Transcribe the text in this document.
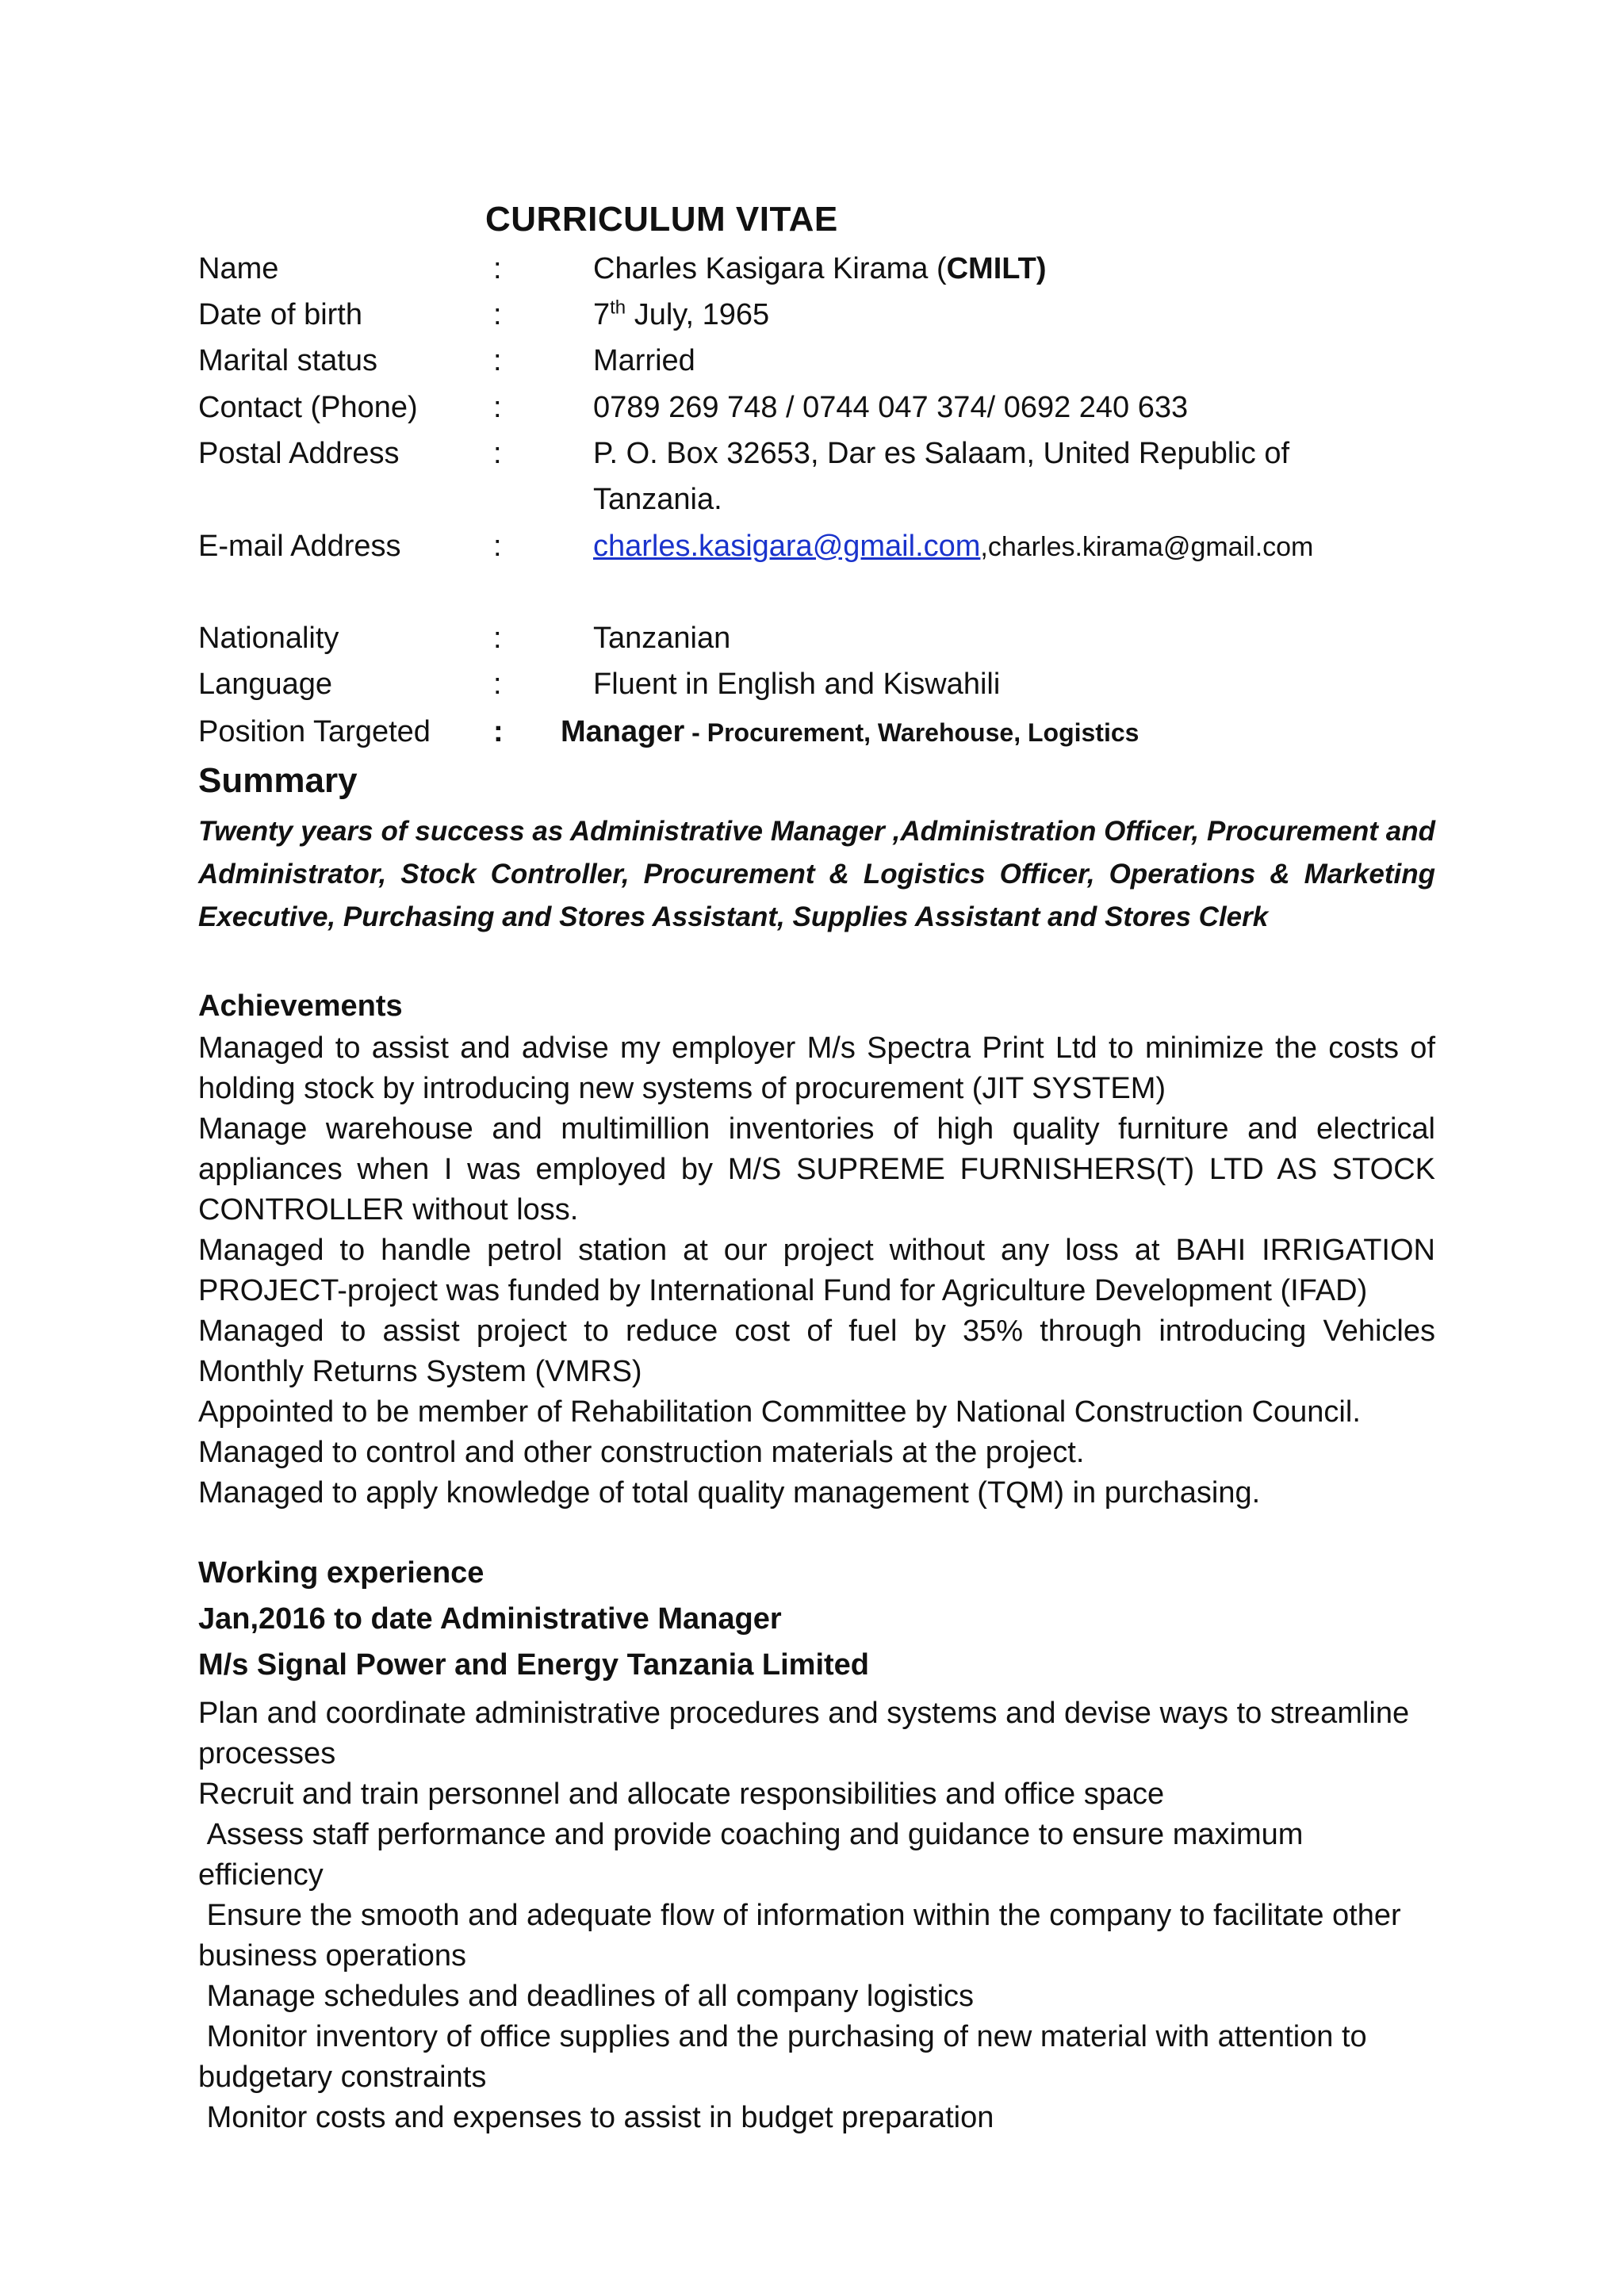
CURRICULUM VITAE
Name	:	Charles Kasigara Kirama (CMILT)
Date of birth	:	7th July, 1965
Marital status	:	Married
Contact (Phone)	:	0789 269 748 / 0744 047 374/ 0692 240 633
Postal Address	:	P. O. Box 32653, Dar es Salaam, United Republic of
Tanzania.
E-mail Address	:	charles.kasigara@gmail.com,charles.kirama@gmail.com
Nationality	:	Tanzanian
Language	:	Fluent in English and Kiswahili
Position Targeted : Manager - Procurement, Warehouse, Logistics
Summary
Twenty years of success as Administrative Manager ,Administration Officer, Procurement and Administrator, Stock Controller, Procurement & Logistics Officer, Operations & Marketing Executive, Purchasing and Stores Assistant, Supplies Assistant and Stores Clerk
Achievements
Managed to assist and advise my employer M/s Spectra Print Ltd to minimize the costs of holding stock by introducing new systems of procurement (JIT SYSTEM)
Manage warehouse and multimillion inventories of high quality furniture and electrical appliances when I was employed by M/S SUPREME FURNISHERS(T) LTD AS STOCK CONTROLLER without loss.
Managed to handle petrol station at our project without any loss at BAHI IRRIGATION PROJECT-project was funded by International Fund for Agriculture Development (IFAD)
Managed to assist project to reduce cost of fuel by 35% through introducing Vehicles Monthly Returns System (VMRS)
Appointed to be member of Rehabilitation Committee by National Construction Council.
Managed to control and other construction materials at the project.
Managed to apply knowledge of total quality management (TQM) in purchasing.
Working experience
Jan,2016 to date Administrative Manager
M/s Signal Power and Energy Tanzania Limited
Plan and coordinate administrative procedures and systems and devise ways to streamline processes
Recruit and train personnel and allocate responsibilities and office space
Assess staff performance and provide coaching and guidance to ensure maximum efficiency
Ensure the smooth and adequate flow of information within the company to facilitate other business operations
Manage schedules and deadlines of all company logistics
Monitor inventory of office supplies and the purchasing of new material with attention to budgetary constraints
Monitor costs and expenses to assist in budget preparation
